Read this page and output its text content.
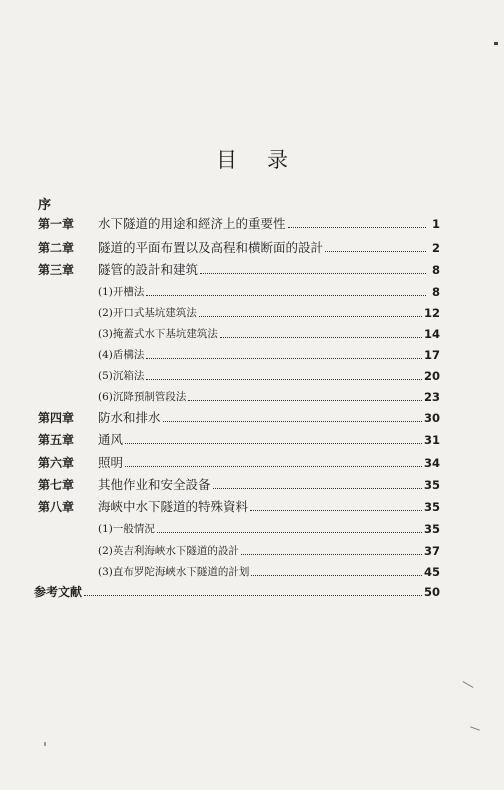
目 录
序
第一章	水下隧道的用途和經济上的重要性	1
第二章	隧道的平面布置以及高程和横断面的設計	2
第三章	隧管的設計和建筑	8
(1)开槽法	8
(2)开口式基坑建筑法	12
(3)掩蓋式水下基坑建筑法	14
(4)盾構法	17
(5)沉箱法	20
(6)沉降預制管段法	23
第四章	防水和排水	30
第五章	通风	31
第六章	照明	34
第七章	其他作业和安全設备	35
第八章	海峽中水下隧道的特殊資料	35
(1)一般情況	35
(2)英吉利海峽水下隧道的設計	37
(3)直布罗陀海峽水下隧道的計划	45
参考文献	50
